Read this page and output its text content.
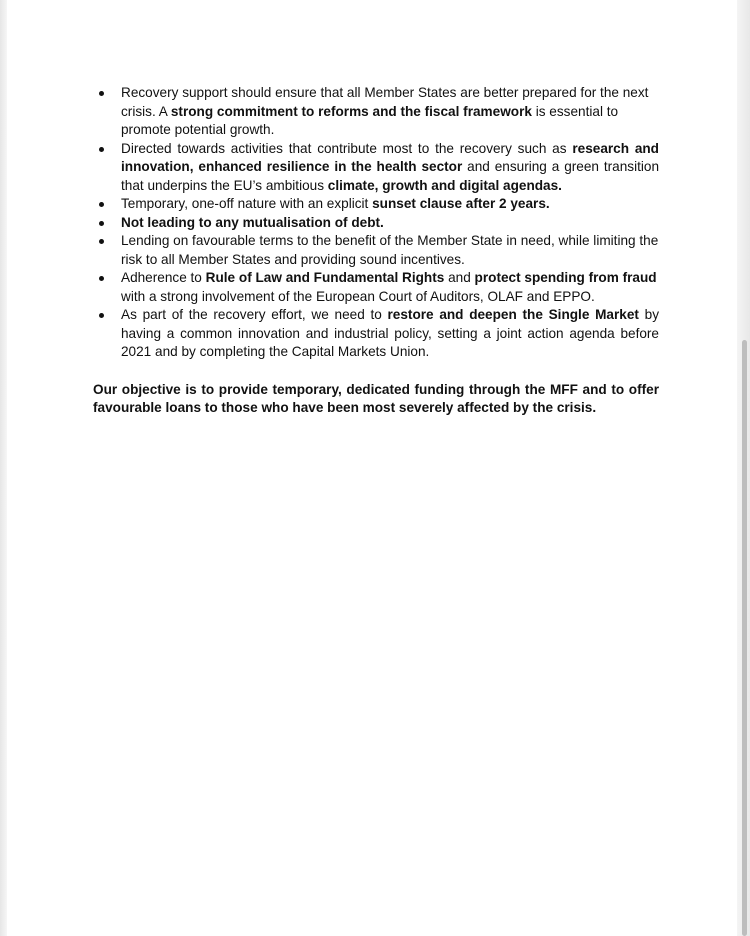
Recovery support should ensure that all Member States are better prepared for the next crisis. A strong commitment to reforms and the fiscal framework is essential to promote potential growth.
Directed towards activities that contribute most to the recovery such as research and innovation, enhanced resilience in the health sector and ensuring a green transition that underpins the EU’s ambitious climate, growth and digital agendas.
Temporary, one-off nature with an explicit sunset clause after 2 years.
Not leading to any mutualisation of debt.
Lending on favourable terms to the benefit of the Member State in need, while limiting the risk to all Member States and providing sound incentives.
Adherence to Rule of Law and Fundamental Rights and protect spending from fraud with a strong involvement of the European Court of Auditors, OLAF and EPPO.
As part of the recovery effort, we need to restore and deepen the Single Market by having a common innovation and industrial policy, setting a joint action agenda before 2021 and by completing the Capital Markets Union.

Our objective is to provide temporary, dedicated funding through the MFF and to offer favourable loans to those who have been most severely affected by the crisis.
